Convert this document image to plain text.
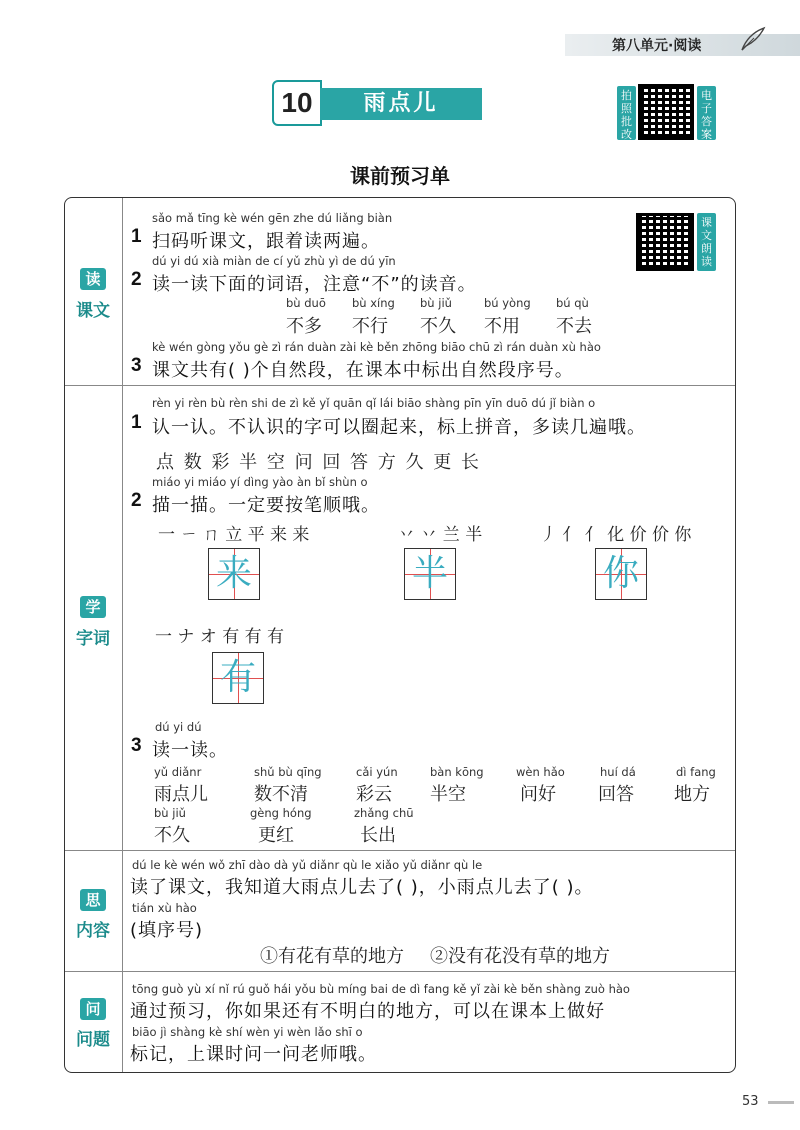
第八单元·阅读
10	雨点儿	拍照批改
电子答案
课前预习单
读
课文
课文朗读
sǎo mǎ tīng kè wén gēn zhe dú liǎng biàn
1 扫码听课文，跟着读两遍。
dú yi dú xià miàn de cí yǔ zhù yì de dú yīn
2 读一读下面的词语，注意“不”的读音。
bù duō
不多
bù xíng
不行
bù jiǔ
不久
bú yòng
不用
bú qù
不去
kè wén gòng yǒu gè zì rán duàn zài kè běn zhōng biāo chū zì rán duàn xù hào
3 课文共有( )个自然段，在课本中标出自然段序号。
学
字词
rèn yi rèn bù rèn shi de zì kě yǐ quān qǐ lái biāo shàng pīn yīn duō dú jǐ biàn o
1 认一认。不认识的字可以圈起来，标上拼音，多读几遍哦。
点 数 彩 半 空 问 回 答 方 久 更 长
miáo yi miáo yí dìng yào àn bǐ shùn o
2 描一描。一定要按笔顺哦。
一 ㄧ ㄇ 立 平 来 来	丷 丷 兰 半	丿 亻 亻 化 价 价 你
来	半	你
一 ナ オ 有 有 有
有
dú yi dú
3 读一读。
yǔ diǎnr
雨点儿
shǔ bù qīng
数不清
cǎi yún
彩云
bàn kōng
半空
wèn hǎo
问好
huí dá
回答
dì fang
地方
bù jiǔ
不久
gèng hóng
更红
zhǎng chū
长出
思
内容
dú le kè wén wǒ zhī dào dà yǔ diǎnr qù le xiǎo yǔ diǎnr qù le
读了课文，我知道大雨点儿去了( )，小雨点儿去了( )。
tián xù hào
(填序号)
①有花有草的地方 ②没有花没有草的地方
问
问题
tōng guò yù xí nǐ rú guǒ hái yǒu bù míng bai de dì fang kě yǐ zài kè běn shàng zuò hào
通过预习，你如果还有不明白的地方，可以在课本上做好
biāo jì shàng kè shí wèn yi wèn lǎo shī o
标记，上课时问一问老师哦。
53
